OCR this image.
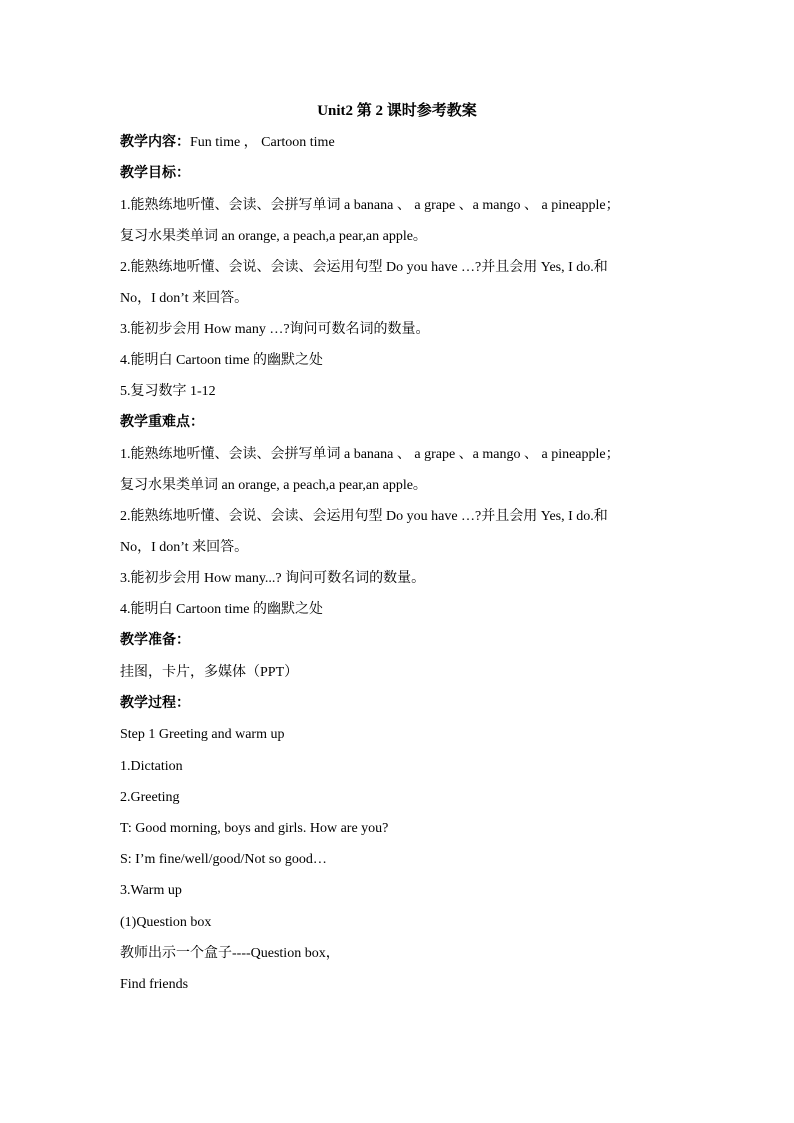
Unit2 第 2 课时参考教案
教学内容：Fun time ， Cartoon time
教学目标：
1.能熟练地听懂、会读、会拼写单词 a banana 、 a grape 、a mango 、 a pineapple；
复习水果类单词 an orange, a peach,a pear,an apple。
2.能熟练地听懂、会说、会读、会运用句型 Do you have …?并且会用 Yes, I do.和
No，I don’t 来回答。
3.能初步会用 How many …?询问可数名词的数量。
4.能明白 Cartoon time 的幽默之处
5.复习数字 1-12
教学重难点：
1.能熟练地听懂、会读、会拼写单词 a banana 、 a grape 、a mango 、 a pineapple；
复习水果类单词 an orange, a peach,a pear,an apple。
2.能熟练地听懂、会说、会读、会运用句型 Do you have …?并且会用 Yes, I do.和
No，I don’t 来回答。
3.能初步会用 How many...? 询问可数名词的数量。
4.能明白 Cartoon time 的幽默之处
教学准备：
挂图，卡片，多媒体（PPT）
教学过程：
Step 1 Greeting and warm up
1.Dictation
2.Greeting
T: Good morning, boys and girls. How are you?
S: I’m fine/well/good/Not so good…
3.Warm up
(1)Question box
教师出示一个盒子----Question box，
Find friends
